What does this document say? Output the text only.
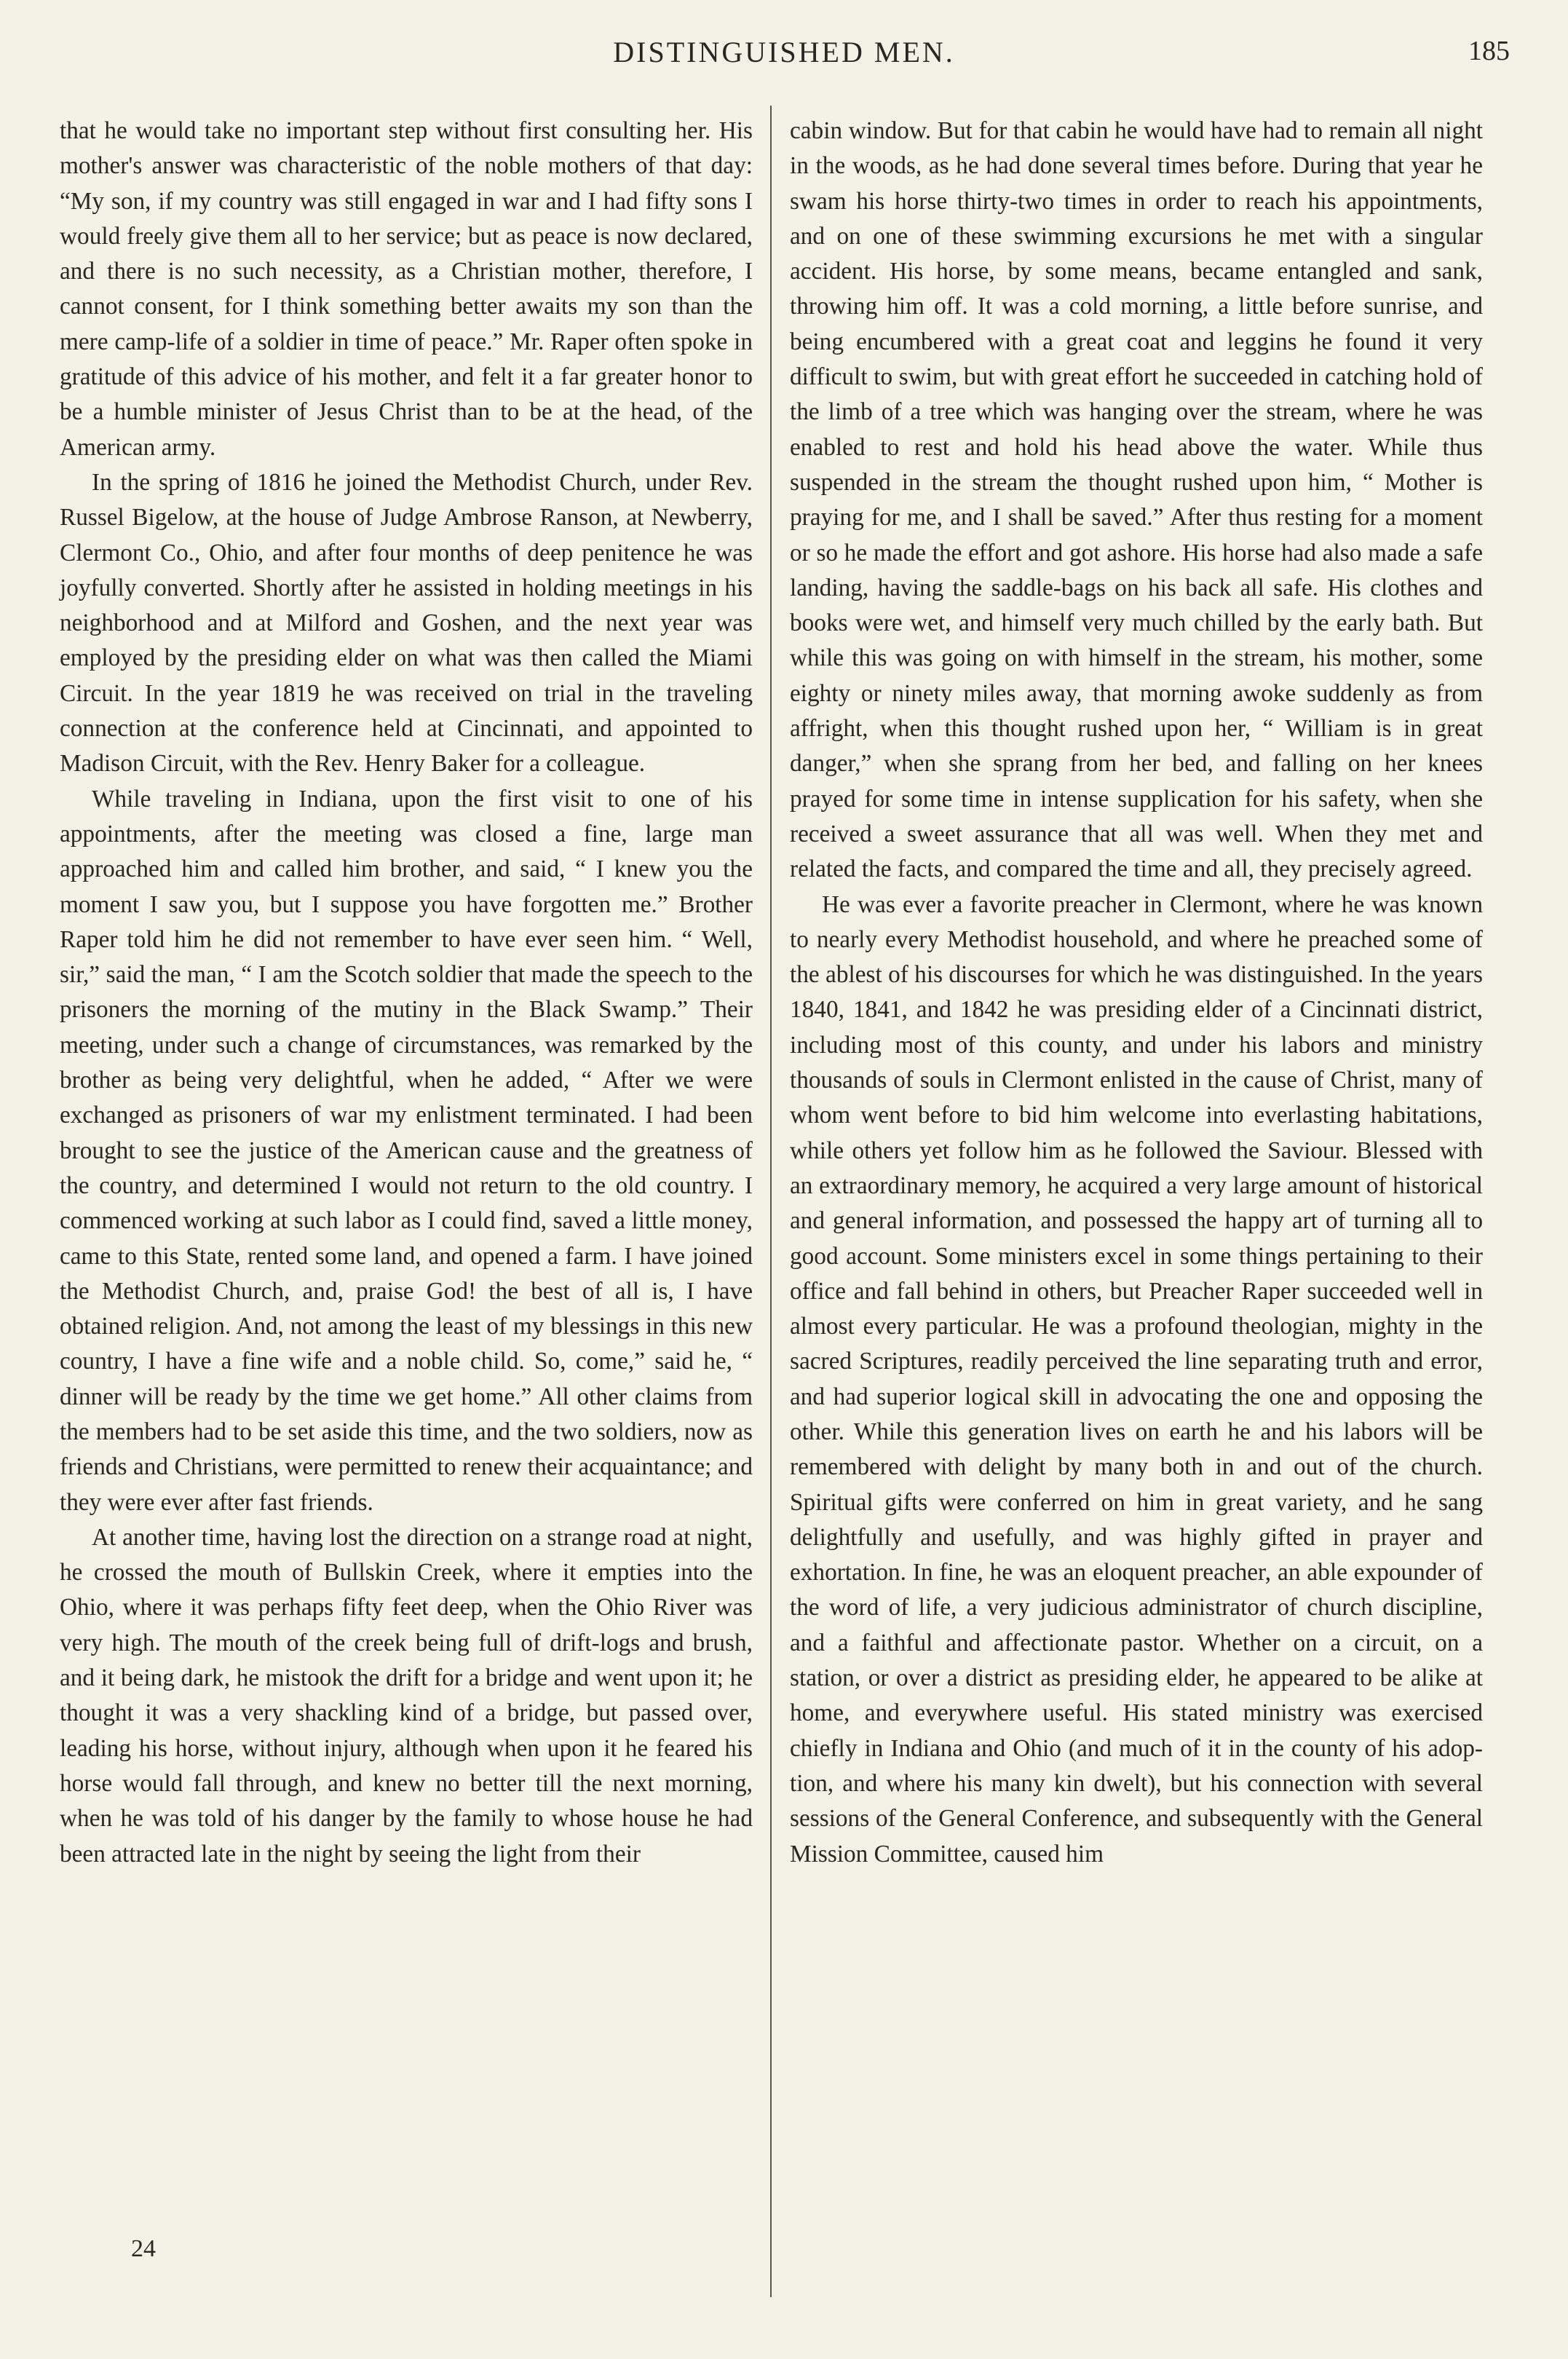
DISTINGUISHED MEN.	185

that he would take no important step without first consulting her. His mother's answer was characteristic of the noble mothers of that day: “My son, if my country was still engaged in war and I had fifty sons I would freely give them all to her service; but as peace is now declared, and there is no such necessity, as a Christian mother, therefore, I cannot consent, for I think something better awaits my son than the mere camp-life of a soldier in time of peace.” Mr. Raper often spoke in gratitude of this advice of his mother, and felt it a far greater honor to be a humble minister of Jesus Christ than to be at the head, of the American army.

In the spring of 1816 he joined the Methodist Church, under Rev. Russel Bigelow, at the house of Judge Ambrose Ranson, at Newberry, Clermont Co., Ohio, and after four months of deep penitence he was joyfully converted. Shortly after he assisted in holding meetings in his neighborhood and at Milford and Goshen, and the next year was employed by the presiding elder on what was then called the Miami Circuit. In the year 1819 he was received on trial in the traveling connection at the conference held at Cincinnati, and appointed to Madison Circuit, with the Rev. Henry Baker for a colleague.

While traveling in Indiana, upon the first visit to one of his appointments, after the meeting was closed a fine, large man approached him and called him brother, and said, “ I knew you the moment I saw you, but I suppose you have forgotten me.” Brother Raper told him he did not remember to have ever seen him. “ Well, sir,” said the man, “ I am the Scotch soldier that made the speech to the prisoners the morning of the mutiny in the Black Swamp.” Their meeting, under such a change of circumstances, was remarked by the brother as being very delightful, when he added, “ After we were exchanged as prisoners of war my enlistment terminated. I had been brought to see the justice of the American cause and the greatness of the country, and determined I would not return to the old country. I commenced working at such labor as I could find, saved a little money, came to this State, rented some land, and opened a farm. I have joined the Methodist Church, and, praise God! the best of all is, I have obtained religion. And, not among the least of my blessings in this new country, I have a fine wife and a noble child. So, come,” said he, “ dinner will be ready by the time we get home.” All other claims from the members had to be set aside this time, and the two soldiers, now as friends and Christians, were permitted to renew their acquaintance; and they were ever after fast friends.

At another time, having lost the direction on a strange road at night, he crossed the mouth of Bullskin Creek, where it empties into the Ohio, where it was perhaps fifty feet deep, when the Ohio River was very high. The mouth of the creek being full of drift-logs and brush, and it being dark, he mistook the drift for a bridge and went upon it; he thought it was a very shackling kind of a bridge, but passed over, leading his horse, without injury, although when upon it he feared his horse would fall through, and knew no better till the next morning, when he was told of his danger by the family to whose house he had been attracted late in the night by seeing the light from their

cabin window. But for that cabin he would have had to remain all night in the woods, as he had done several times before. During that year he swam his horse thirty-two times in order to reach his appointments, and on one of these swimming excursions he met with a singular accident. His horse, by some means, became entangled and sank, throwing him off. It was a cold morning, a little before sunrise, and being encumbered with a great coat and leggins he found it very difficult to swim, but with great effort he succeeded in catching hold of the limb of a tree which was hanging over the stream, where he was enabled to rest and hold his head above the water. While thus suspended in the stream the thought rushed upon him, “ Mother is praying for me, and I shall be saved.” After thus resting for a moment or so he made the effort and got ashore. His horse had also made a safe landing, having the saddle-bags on his back all safe. His clothes and books were wet, and himself very much chilled by the early bath. But while this was going on with himself in the stream, his mother, some eighty or ninety miles away, that morning awoke suddenly as from affright, when this thought rushed upon her, “ William is in great danger,” when she sprang from her bed, and falling on her knees prayed for some time in intense supplication for his safety, when she received a sweet assurance that all was well. When they met and related the facts, and compared the time and all, they precisely agreed.

He was ever a favorite preacher in Clermont, where he was known to nearly every Methodist household, and where he preached some of the ablest of his discourses for which he was distinguished. In the years 1840, 1841, and 1842 he was presiding elder of a Cincinnati district, including most of this county, and under his labors and ministry thousands of souls in Clermont enlisted in the cause of Christ, many of whom went before to bid him welcome into everlasting habitations, while others yet follow him as he followed the Saviour. Blessed with an extraordinary memory, he acquired a very large amount of historical and general information, and possessed the happy art of turning all to good account. Some ministers excel in some things pertaining to their office and fall behind in others, but Preacher Raper succeeded well in almost every particular. He was a profound theologian, mighty in the sacred Scriptures, readily perceived the line separating truth and error, and had superior logical skill in advocating the one and opposing the other. While this generation lives on earth he and his labors will be remembered with delight by many both in and out of the church. Spiritual gifts were conferred on him in great variety, and he sang delightfully and usefully, and was highly gifted in prayer and exhortation. In fine, he was an eloquent preacher, an able expounder of the word of life, a very judicious administrator of church discipline, and a faithful and affectionate pastor. Whether on a circuit, on a station, or over a district as presiding elder, he appeared to be alike at home, and everywhere useful. His stated ministry was exercised chiefly in Indiana and Ohio (and much of it in the county of his adoption, and where his many kin dwelt), but his connection with several sessions of the General Conference, and subsequently with the General Mission Committee, caused him

24
